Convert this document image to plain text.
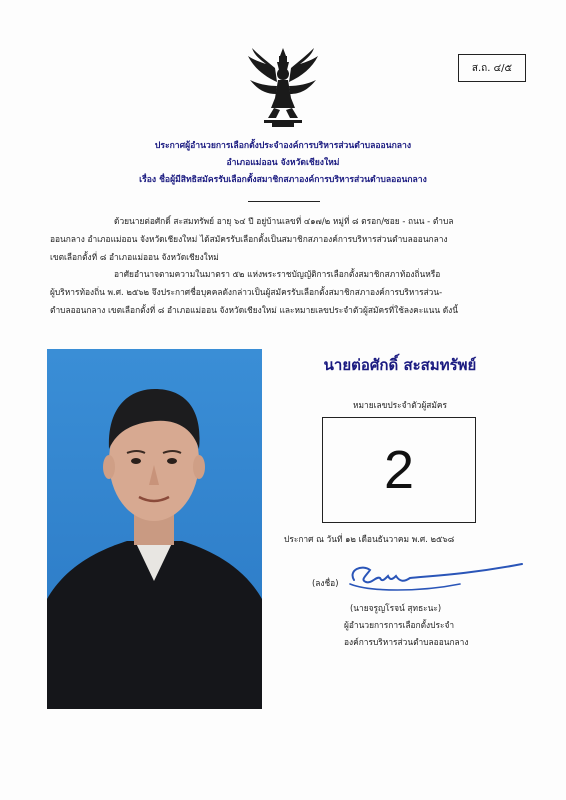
ส.ถ. ๔/๕
ประกาศผู้อำนวยการเลือกตั้งประจำองค์การบริหารส่วนตำบลออนกลาง
อำเภอแม่ออน จังหวัดเชียงใหม่
เรื่อง ชื่อผู้มีสิทธิสมัครรับเลือกตั้งสมาชิกสภาองค์การบริหารส่วนตำบลออนกลาง
ด้วยนายต่อศักดิ์ สะสมทรัพย์ อายุ ๖๔ ปี อยู่บ้านเลขที่ ๔๑๗/๒ หมู่ที่ ๘ ตรอก/ซอย - ถนน - ตำบล
ออนกลาง อำเภอแม่ออน จังหวัดเชียงใหม่ ได้สมัครรับเลือกตั้งเป็นสมาชิกสภาองค์การบริหารส่วนตำบลออนกลาง
เขตเลือกตั้งที่ ๘ อำเภอแม่ออน จังหวัดเชียงใหม่
อาศัยอำนาจตามความในมาตรา ๕๒ แห่งพระราชบัญญัติการเลือกตั้งสมาชิกสภาท้องถิ่นหรือ
ผู้บริหารท้องถิ่น พ.ศ. ๒๕๖๒ จึงประกาศชื่อบุคคลดังกล่าวเป็นผู้สมัครรับเลือกตั้งสมาชิกสภาองค์การบริหารส่วน-
ตำบลออนกลาง เขตเลือกตั้งที่ ๘ อำเภอแม่ออน จังหวัดเชียงใหม่ และหมายเลขประจำตัวผู้สมัครที่ใช้ลงคะแนน ดังนี้
นายต่อศักดิ์ สะสมทรัพย์
หมายเลขประจำตัวผู้สมัคร
2
ประกาศ ณ วันที่ ๑๒ เดือนธันวาคม พ.ศ. ๒๕๖๘
(ลงชื่อ)
(นายจรูญโรจน์ สุทธะนะ)
ผู้อำนวยการการเลือกตั้งประจำ
องค์การบริหารส่วนตำบลออนกลาง
